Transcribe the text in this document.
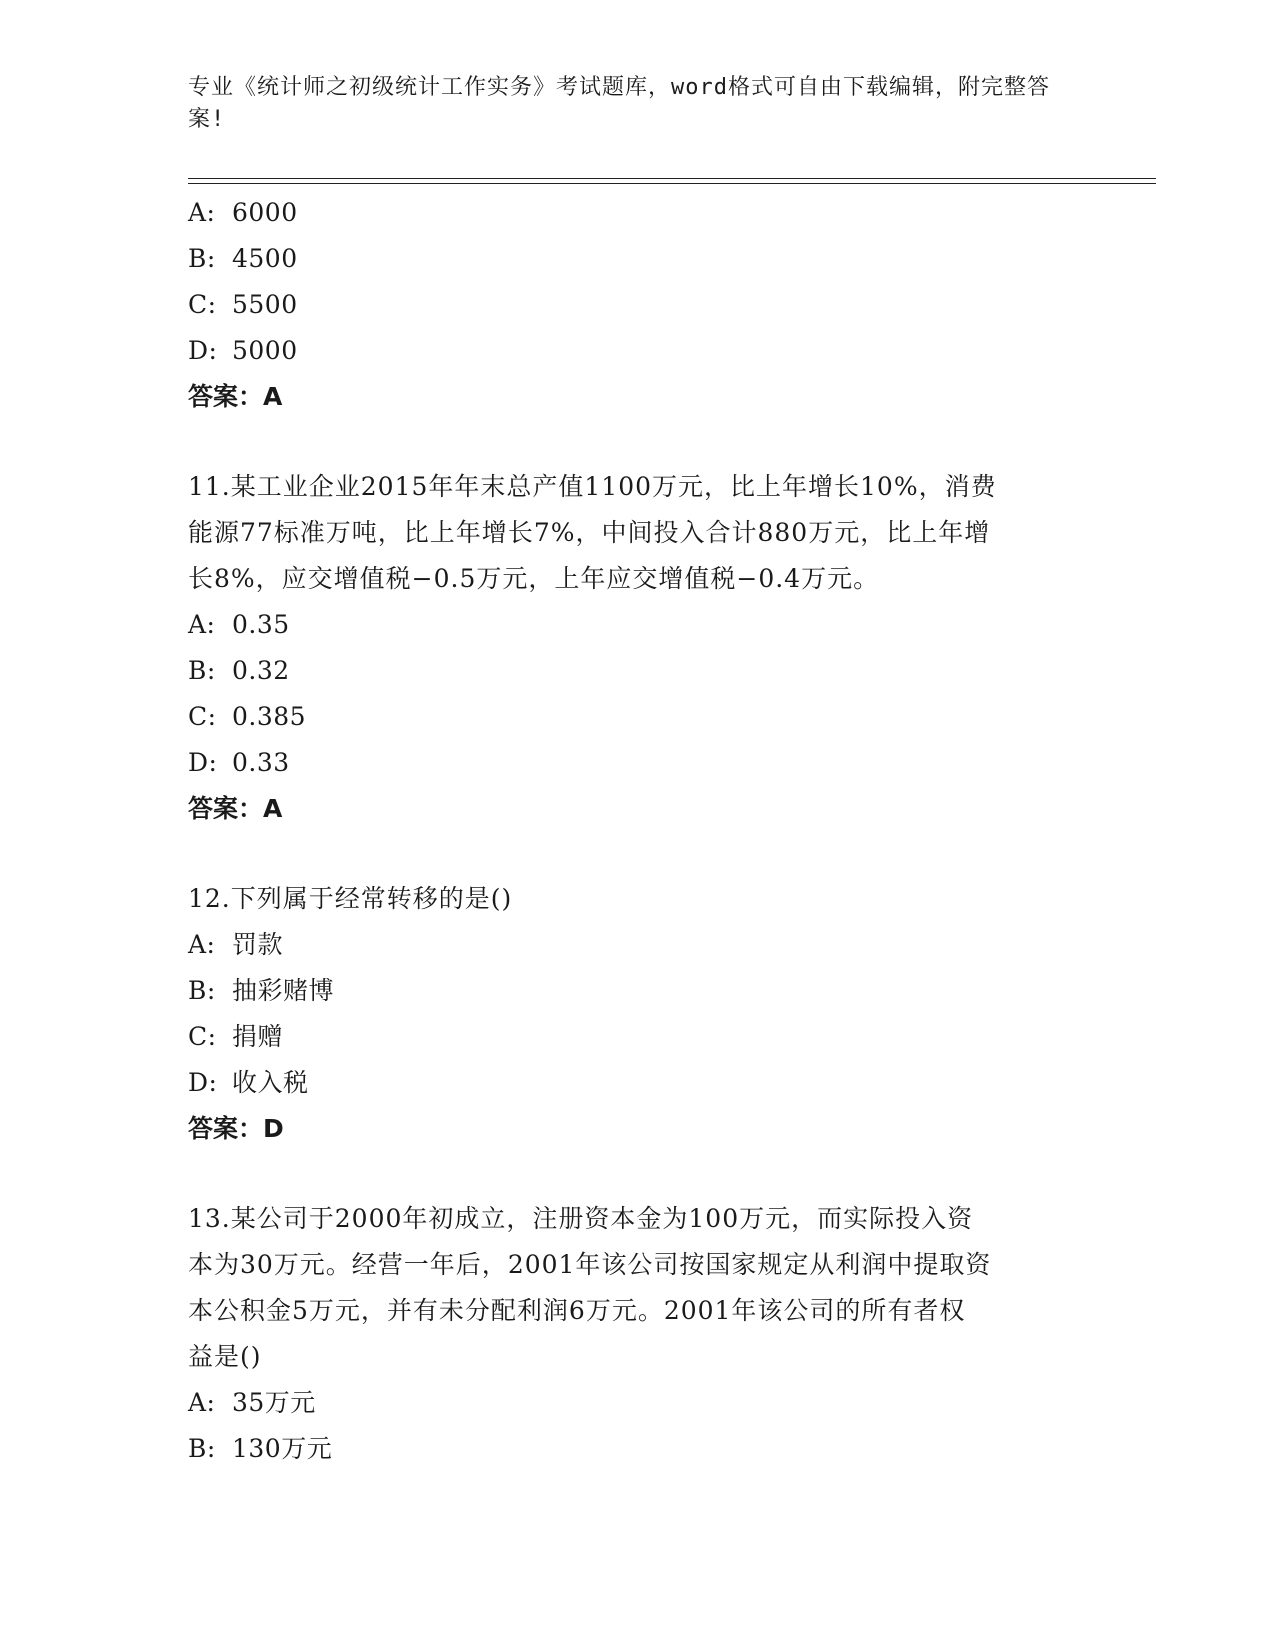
专业《统计师之初级统计工作实务》考试题库，word格式可自由下载编辑，附完整答案!

A: 6000

B: 4500

C: 5500

D: 5000

答案：A

11.某工业企业2015年年末总产值1100万元，比上年增长10%，消费

能源77标准万吨，比上年增长7%，中间投入合计880万元，比上年增

长8%，应交增值税−0.5万元，上年应交增值税−0.4万元。

A: 0.35

B: 0.32

C: 0.385

D: 0.33

答案：A

12.下列属于经常转移的是()

A: 罚款

B: 抽彩赌博

C: 捐赠

D: 收入税

答案：D

13.某公司于2000年初成立，注册资本金为100万元，而实际投入资

本为30万元。经营一年后，2001年该公司按国家规定从利润中提取资

本公积金5万元，并有未分配利润6万元。2001年该公司的所有者权

益是()

A: 35万元

B: 130万元
